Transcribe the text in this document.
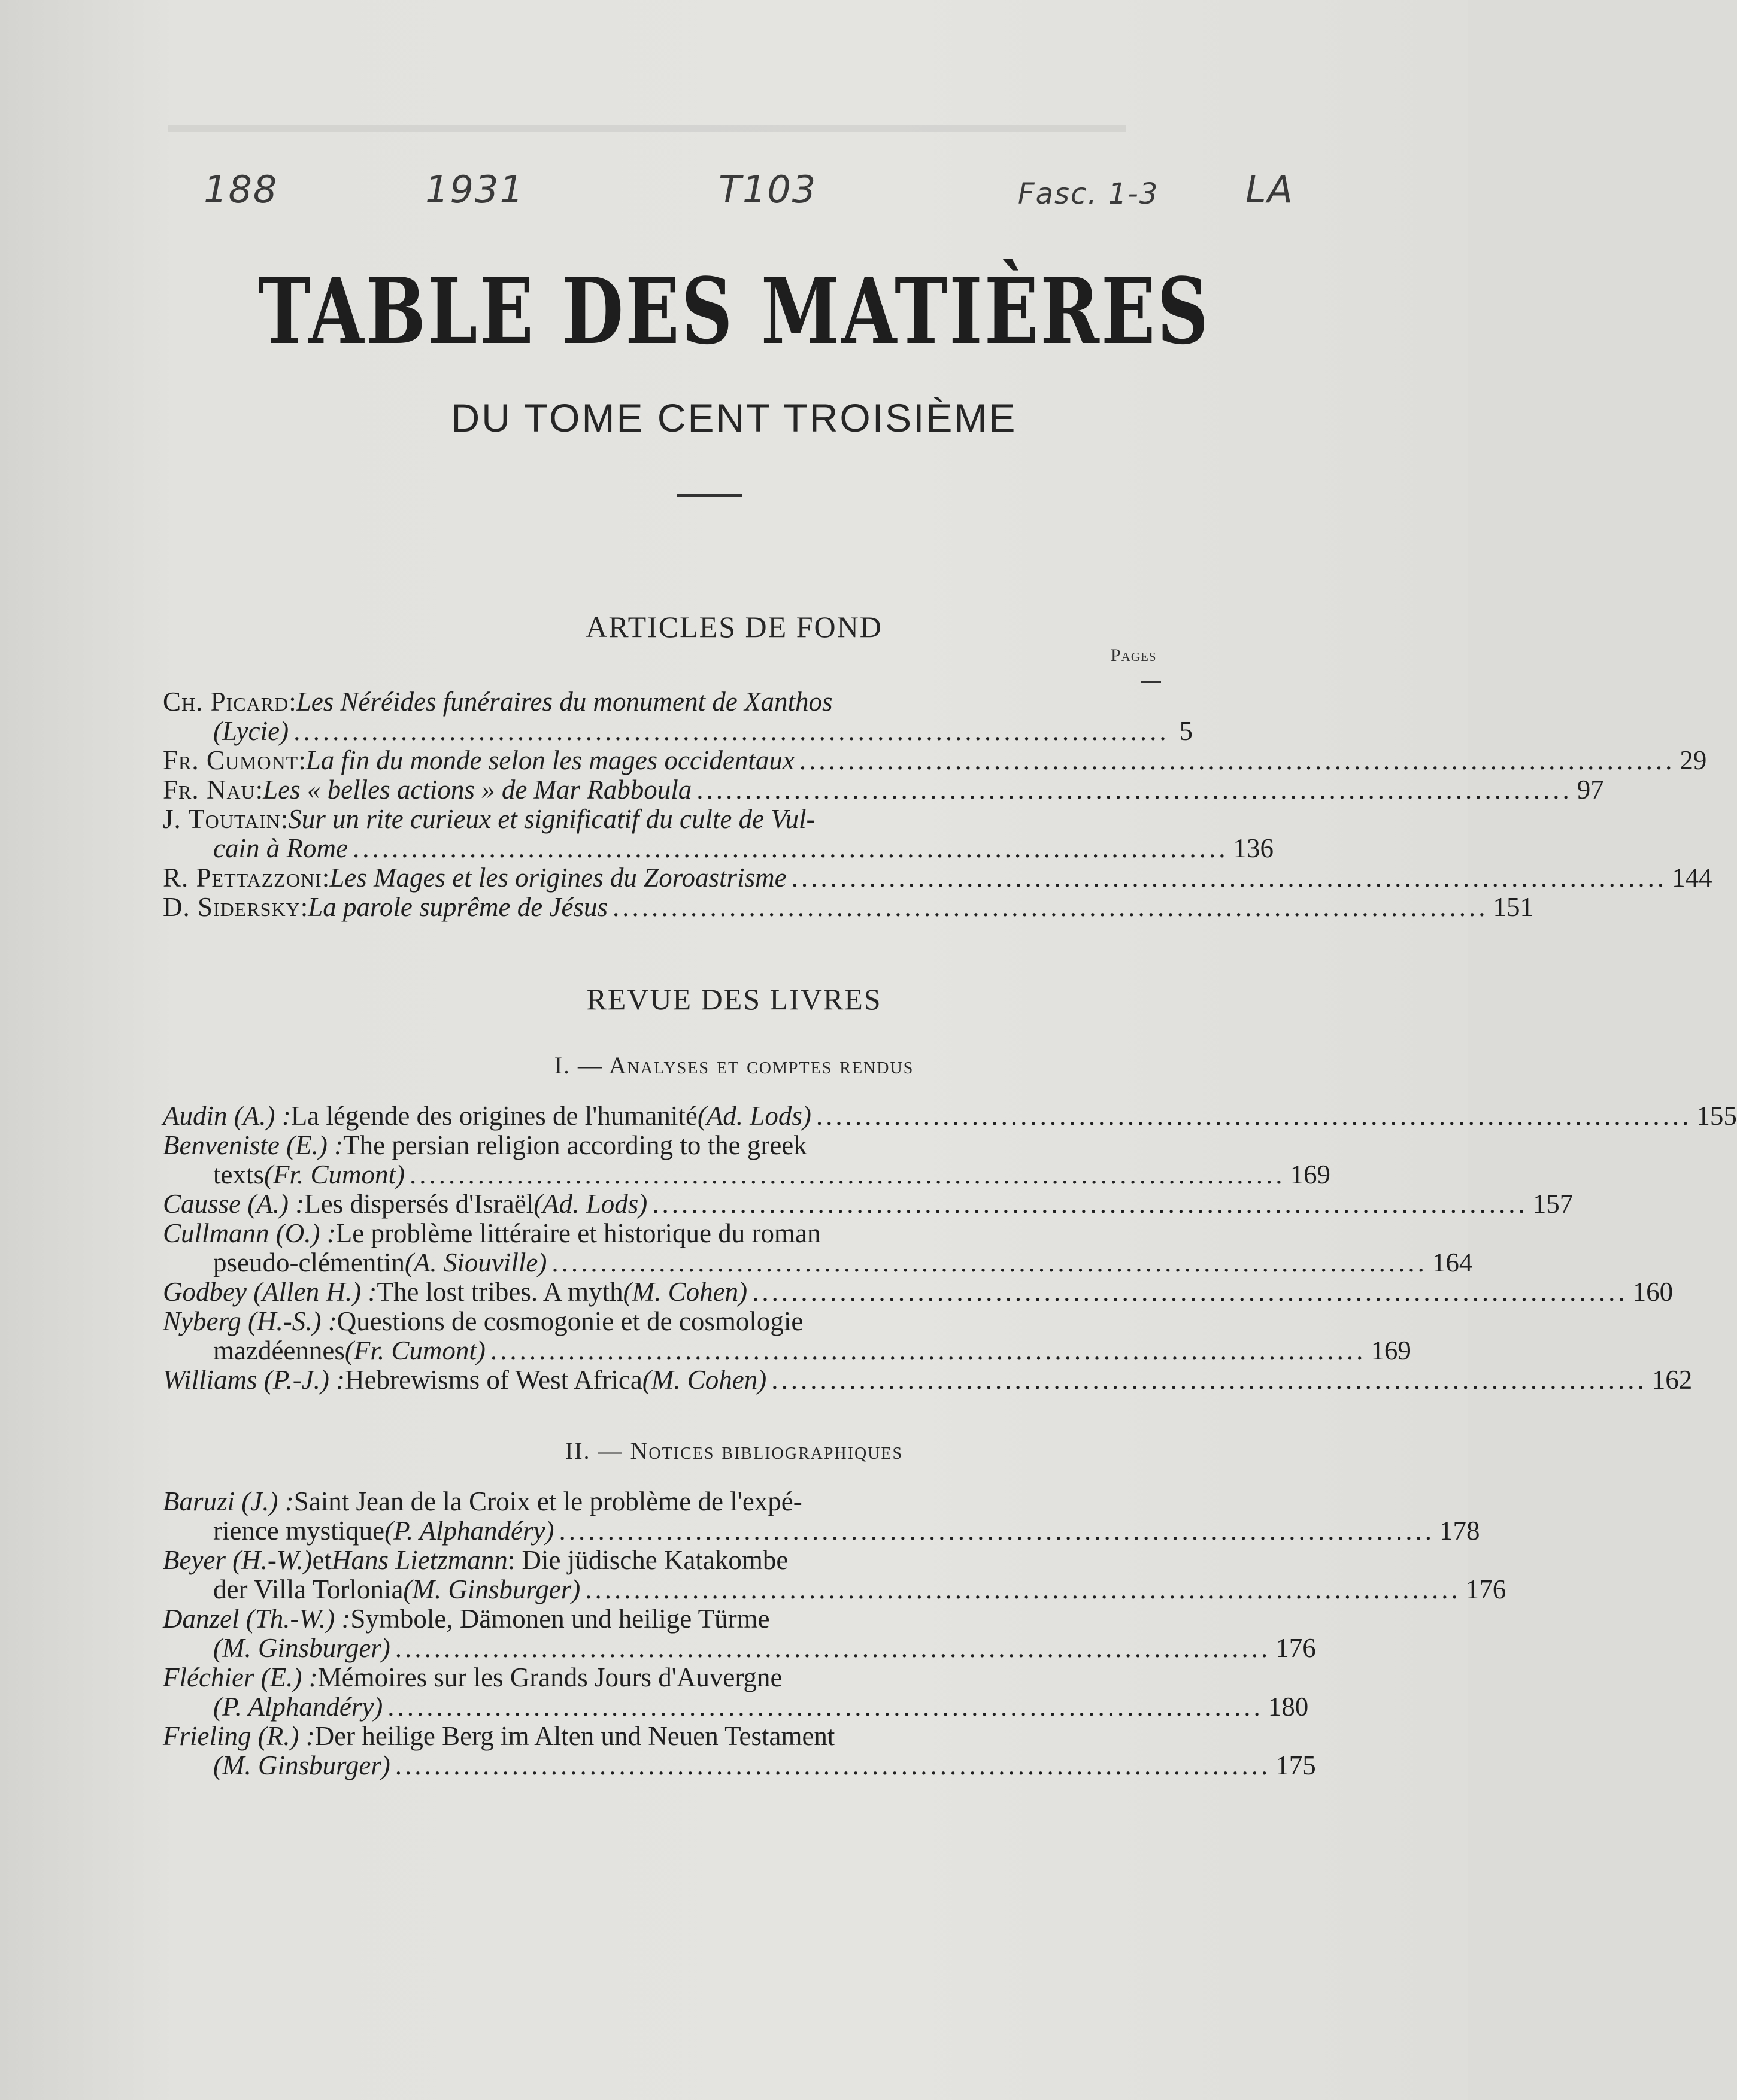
▬▬▬▬▬▬▬▬▬▬▬▬▬▬▬▬▬▬▬▬▬▬▬▬▬▬▬▬▬▬▬▬▬▬▬▬▬▬▬▬
188	1931	T103	Fasc. 1-3 LA
TABLE DES MATIÈRES
DU TOME CENT TROISIÈME
ARTICLES DE FOND
Pages
Ch. Picard : Les Néréides funéraires du monument de Xanthos
(Lycie) .......................................................................................... 5
Fr. Cumont : La fin du monde selon les mages occidentaux .......................................................................................... 29
Fr. Nau : Les « belles actions » de Mar Rabboula .......................................................................................... 97
J. Toutain : Sur un rite curieux et significatif du culte de Vul-
cain à Rome .......................................................................................... 136
R. Pettazzoni : Les Mages et les origines du Zoroastrisme .......................................................................................... 144
D. Sidersky : La parole suprême de Jésus .......................................................................................... 151
REVUE DES LIVRES
I. — Analyses et comptes rendus
Audin (A.) : La légende des origines de l'humanité (Ad. Lods) .......................................................................................... 155
Benveniste (E.) : The persian religion according to the greek
texts (Fr. Cumont) .......................................................................................... 169
Causse (A.) : Les dispersés d'Israël (Ad. Lods) .......................................................................................... 157
Cullmann (O.) : Le problème littéraire et historique du roman
pseudo-clémentin (A. Siouville) .......................................................................................... 164
Godbey (Allen H.) : The lost tribes. A myth (M. Cohen) .......................................................................................... 160
Nyberg (H.-S.) : Questions de cosmogonie et de cosmologie
mazdéennes (Fr. Cumont) .......................................................................................... 169
Williams (P.-J.) : Hebrewisms of West Africa (M. Cohen) .......................................................................................... 162
II. — Notices bibliographiques
Baruzi (J.) : Saint Jean de la Croix et le problème de l'expé-
rience mystique (P. Alphandéry) .......................................................................................... 178
Beyer (H.-W.) et Hans Lietzmann : Die jüdische Katakombe
der Villa Torlonia (M. Ginsburger) .......................................................................................... 176
Danzel (Th.-W.) : Symbole, Dämonen und heilige Türme
(M. Ginsburger) .......................................................................................... 176
Fléchier (E.) : Mémoires sur les Grands Jours d'Auvergne
(P. Alphandéry) .......................................................................................... 180
Frieling (R.) : Der heilige Berg im Alten und Neuen Testament
(M. Ginsburger) .......................................................................................... 175
